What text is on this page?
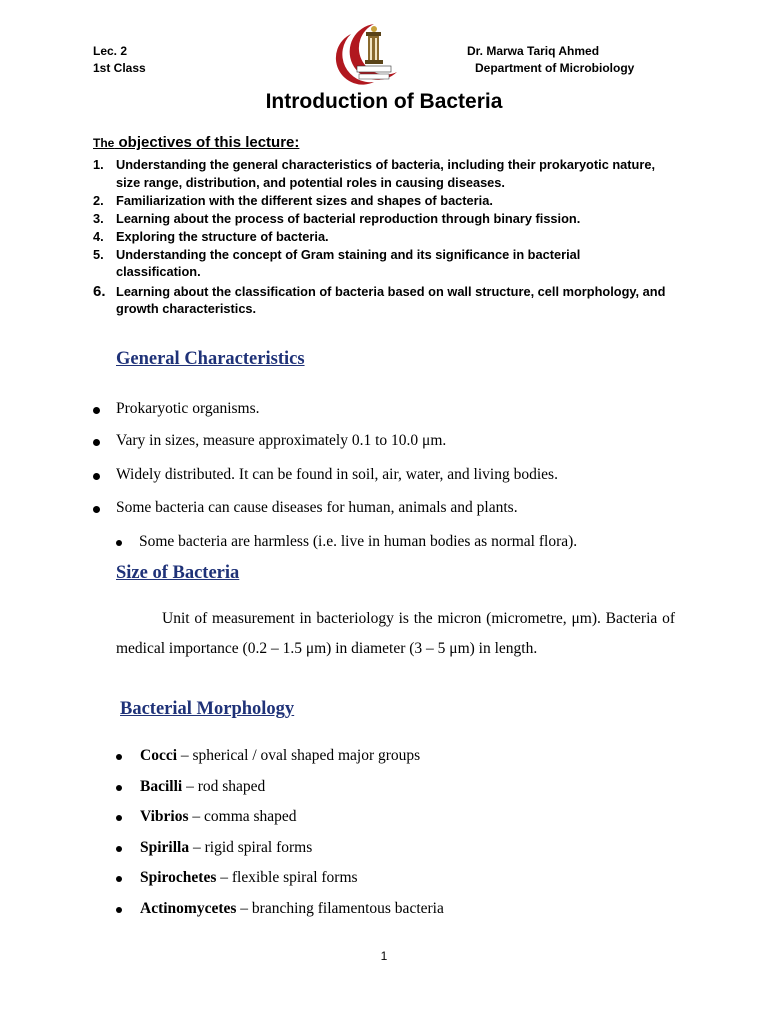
Lec. 2
1st Class
Dr. Marwa Tariq Ahmed
Department of Microbiology
Introduction of Bacteria
The objectives of this lecture:
1. Understanding the general characteristics of bacteria, including their prokaryotic nature, size range, distribution, and potential roles in causing diseases.
2. Familiarization with the different sizes and shapes of bacteria.
3. Learning about the process of bacterial reproduction through binary fission.
4. Exploring the structure of bacteria.
5. Understanding the concept of Gram staining and its significance in bacterial classification.
6. Learning about the classification of bacteria based on wall structure, cell morphology, and growth characteristics.
General Characteristics
Prokaryotic organisms.
Vary in sizes, measure approximately 0.1 to 10.0 μm.
Widely distributed. It can be found in soil, air, water, and living bodies.
Some bacteria can cause diseases for human, animals and plants.
Some bacteria are harmless (i.e. live in human bodies as normal flora).
Size of Bacteria
Unit of measurement in bacteriology is the micron (micrometre, μm). Bacteria of medical importance (0.2 – 1.5 μm) in diameter (3 – 5 μm) in length.
Bacterial Morphology
Cocci – spherical / oval shaped major groups
Bacilli – rod shaped
Vibrios – comma shaped
Spirilla – rigid spiral forms
Spirochetes – flexible spiral forms
Actinomycetes – branching filamentous bacteria
1
